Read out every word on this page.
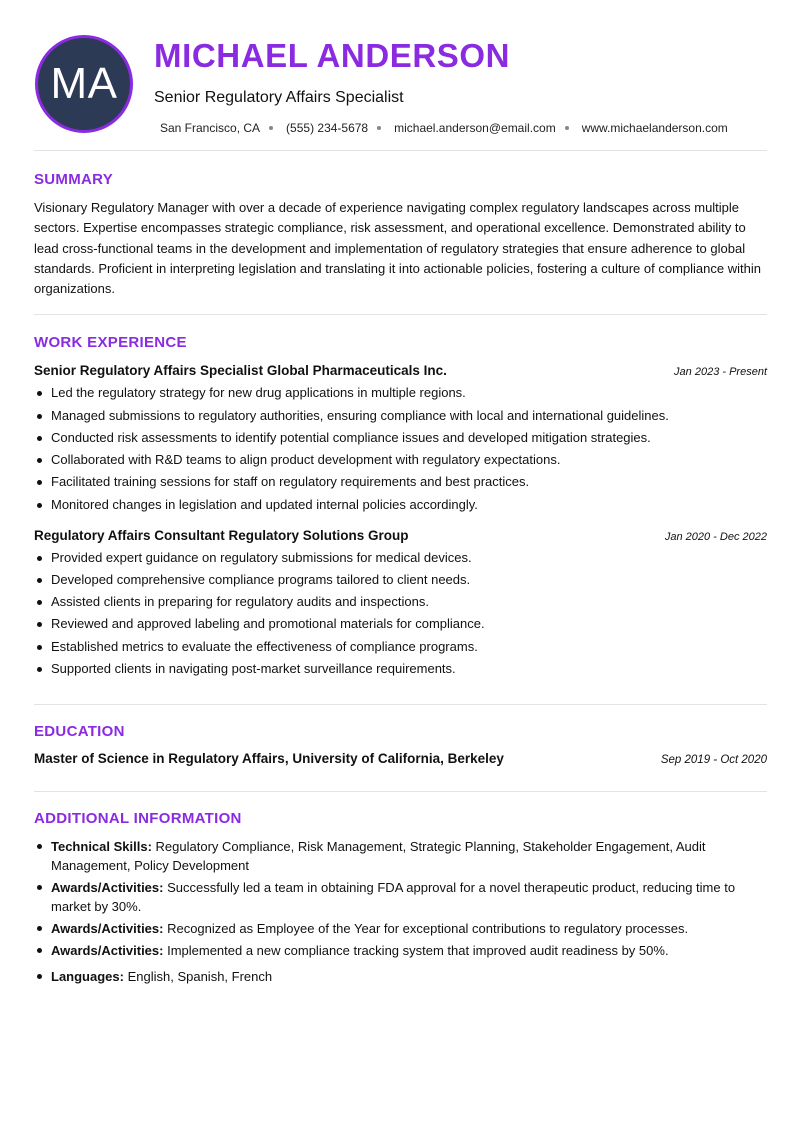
MA
MICHAEL ANDERSON
Senior Regulatory Affairs Specialist
San Francisco, CA (555) 234-5678 michael.anderson@email.com www.michaelanderson.com
SUMMARY

Visionary Regulatory Manager with over a decade of experience navigating complex regulatory landscapes across multiple sectors. Expertise encompasses strategic compliance, risk assessment, and operational excellence. Demonstrated ability to lead cross-functional teams in the development and implementation of regulatory strategies that ensure adherence to global standards. Proficient in interpreting legislation and translating it into actionable policies, fostering a culture of compliance within organizations.

WORK EXPERIENCE
Senior Regulatory Affairs Specialist Global Pharmaceuticals Inc.	Jan 2023 - Present
Led the regulatory strategy for new drug applications in multiple regions.
Managed submissions to regulatory authorities, ensuring compliance with local and international guidelines.
Conducted risk assessments to identify potential compliance issues and developed mitigation strategies.
Collaborated with R&D teams to align product development with regulatory expectations.
Facilitated training sessions for staff on regulatory requirements and best practices.
Monitored changes in legislation and updated internal policies accordingly.
Regulatory Affairs Consultant Regulatory Solutions Group	Jan 2020 - Dec 2022
Provided expert guidance on regulatory submissions for medical devices.
Developed comprehensive compliance programs tailored to client needs.
Assisted clients in preparing for regulatory audits and inspections.
Reviewed and approved labeling and promotional materials for compliance.
Established metrics to evaluate the effectiveness of compliance programs.
Supported clients in navigating post-market surveillance requirements.
EDUCATION
Master of Science in Regulatory Affairs, University of California, Berkeley	Sep 2019 - Oct 2020
ADDITIONAL INFORMATION
Technical Skills: Regulatory Compliance, Risk Management, Strategic Planning, Stakeholder Engagement, Audit Management, Policy Development
Awards/Activities: Successfully led a team in obtaining FDA approval for a novel therapeutic product, reducing time to market by 30%.
Awards/Activities: Recognized as Employee of the Year for exceptional contributions to regulatory processes.
Awards/Activities: Implemented a new compliance tracking system that improved audit readiness by 50%.
Languages: English, Spanish, French
